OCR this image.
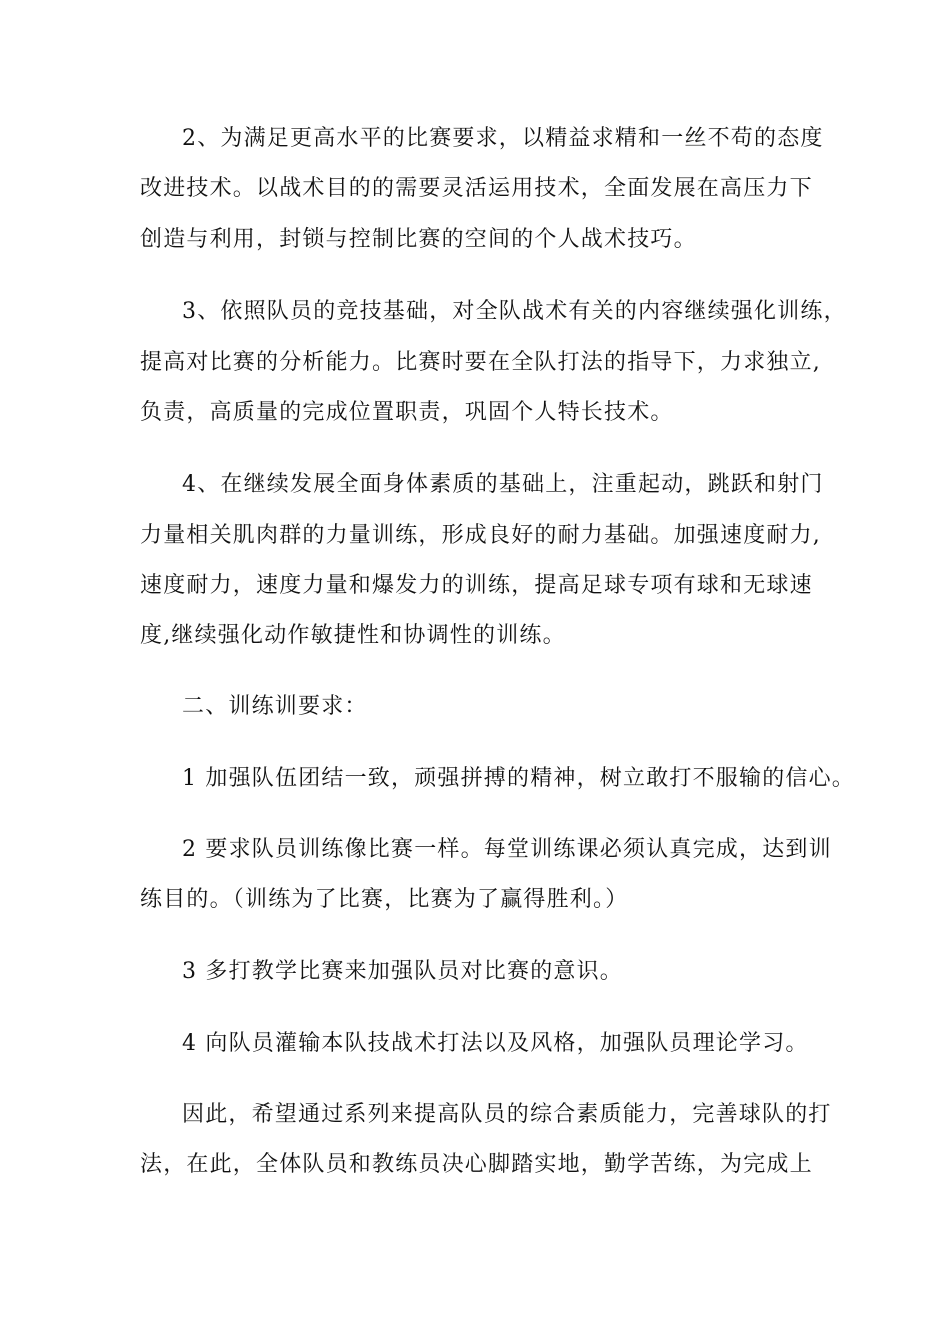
2、为满足更高水平的比赛要求，以精益求精和一丝不苟的态度
改进技术。以战术目的的需要灵活运用技术，全面发展在高压力下
创造与利用，封锁与控制比赛的空间的个人战术技巧。
3、依照队员的竞技基础，对全队战术有关的内容继续强化训练，
提高对比赛的分析能力。比赛时要在全队打法的指导下，力求独立,
负责，高质量的完成位置职责，巩固个人特长技术。
4、在继续发展全面身体素质的基础上，注重起动，跳跃和射门
力量相关肌肉群的力量训练，形成良好的耐力基础。加强速度耐力,
速度耐力，速度力量和爆发力的训练，提高足球专项有球和无球速
度,继续强化动作敏捷性和协调性的训练。
二、训练训要求：
1 加强队伍团结一致，顽强拼搏的精神，树立敢打不服输的信心。
2 要求队员训练像比赛一样。每堂训练课必须认真完成，达到训
练目的。（训练为了比赛，比赛为了赢得胜利。）
3 多打教学比赛来加强队员对比赛的意识。
4 向队员灌输本队技战术打法以及风格，加强队员理论学习。
因此，希望通过系列来提高队员的综合素质能力，完善球队的打
法，在此，全体队员和教练员决心脚踏实地，勤学苦练，为完成上
